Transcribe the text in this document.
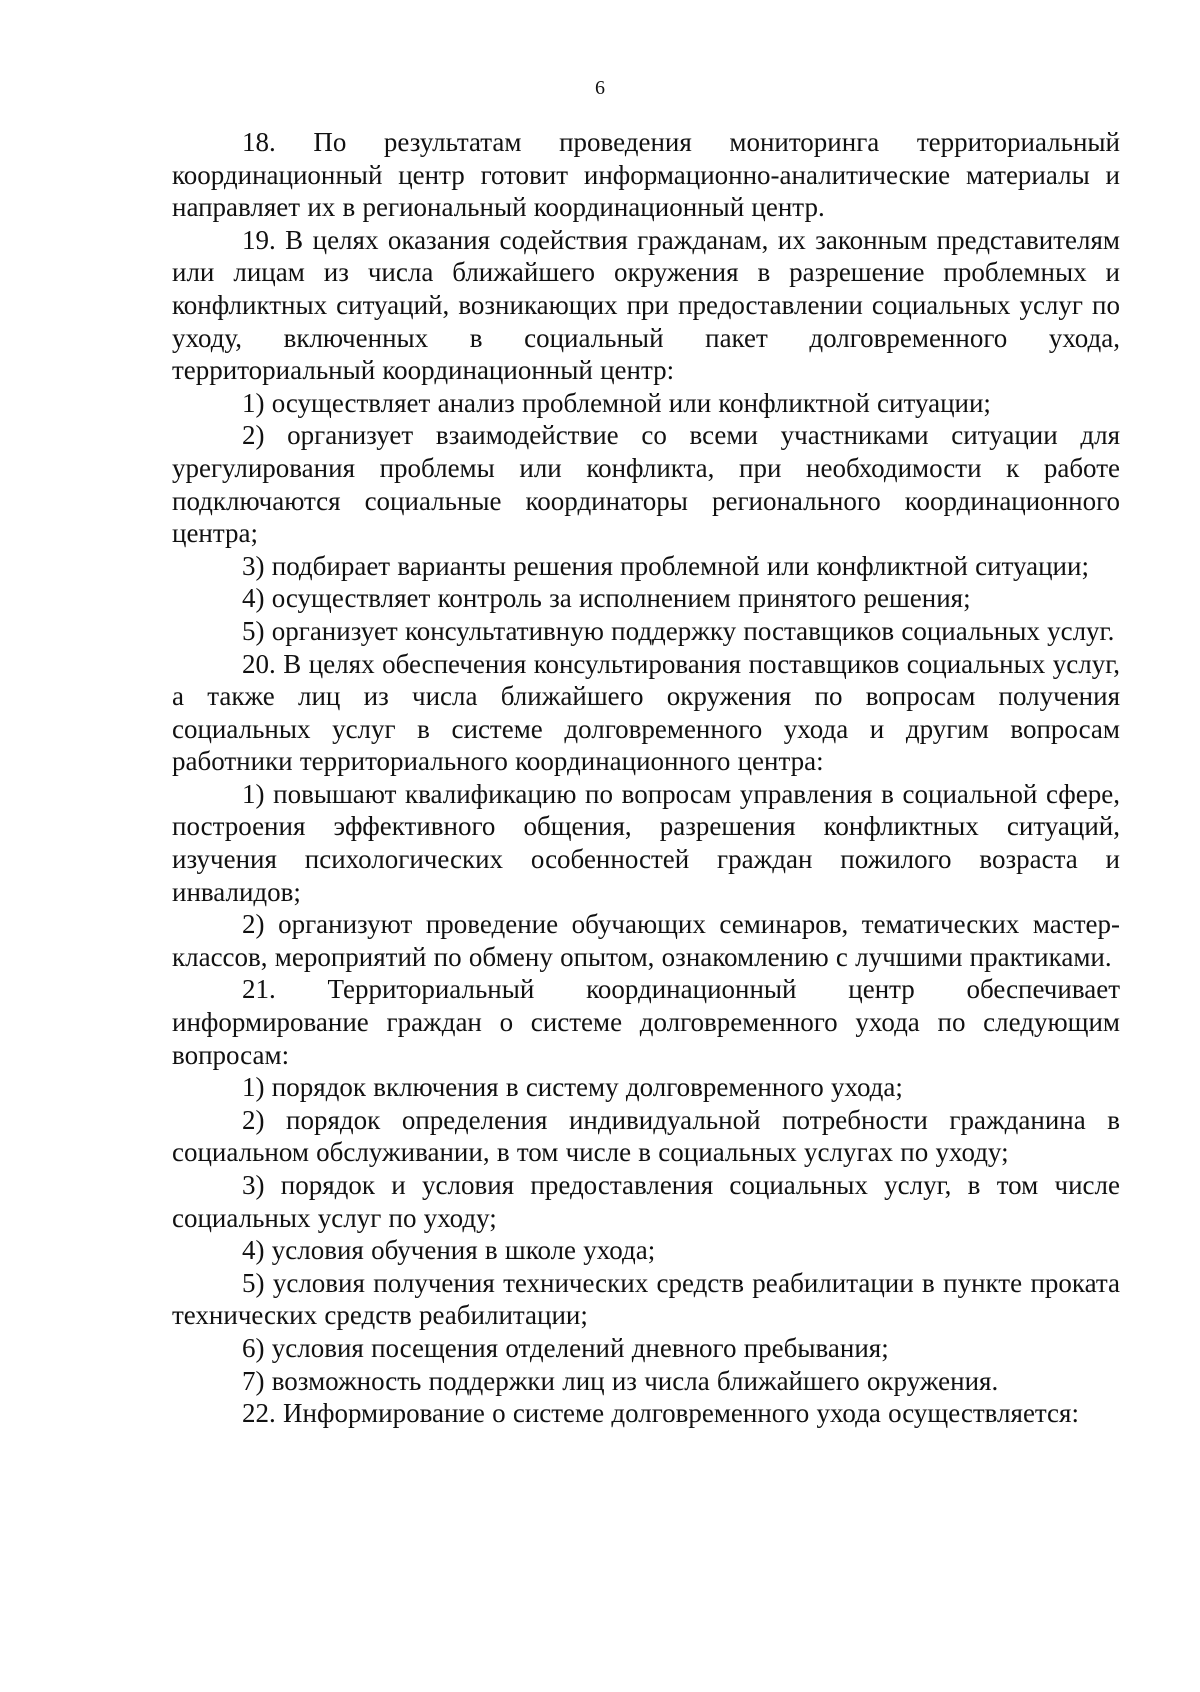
6

18. По результатам проведения мониторинга территориальный координационный центр готовит информационно-аналитические материалы и направляет их в региональный координационный центр.

19. В целях оказания содействия гражданам, их законным представителям или лицам из числа ближайшего окружения в разрешение проблемных и конфликтных ситуаций, возникающих при предоставлении социальных услуг по уходу, включенных в социальный пакет долговременного ухода, территориальный координационный центр:

1) осуществляет анализ проблемной или конфликтной ситуации;

2) организует взаимодействие со всеми участниками ситуации для урегулирования проблемы или конфликта, при необходимости к работе подключаются социальные координаторы регионального координационного центра;

3) подбирает варианты решения проблемной или конфликтной ситуации;

4) осуществляет контроль за исполнением принятого решения;

5) организует консультативную поддержку поставщиков социальных услуг.

20. В целях обеспечения консультирования поставщиков социальных услуг, а также лиц из числа ближайшего окружения по вопросам получения социальных услуг в системе долговременного ухода и другим вопросам работники территориального координационного центра:

1) повышают квалификацию по вопросам управления в социальной сфере, построения эффективного общения, разрешения конфликтных ситуаций, изучения психологических особенностей граждан пожилого возраста и инвалидов;

2) организуют проведение обучающих семинаров, тематических мастер-классов, мероприятий по обмену опытом, ознакомлению с лучшими практиками.

21. Территориальный координационный центр обеспечивает информирование граждан о системе долговременного ухода по следующим вопросам:

1) порядок включения в систему долговременного ухода;

2) порядок определения индивидуальной потребности гражданина в социальном обслуживании, в том числе в социальных услугах по уходу;

3) порядок и условия предоставления социальных услуг, в том числе социальных услуг по уходу;

4) условия обучения в школе ухода;

5) условия получения технических средств реабилитации в пункте проката технических средств реабилитации;

6) условия посещения отделений дневного пребывания;

7) возможность поддержки лиц из числа ближайшего окружения.

22. Информирование о системе долговременного ухода осуществляется:
